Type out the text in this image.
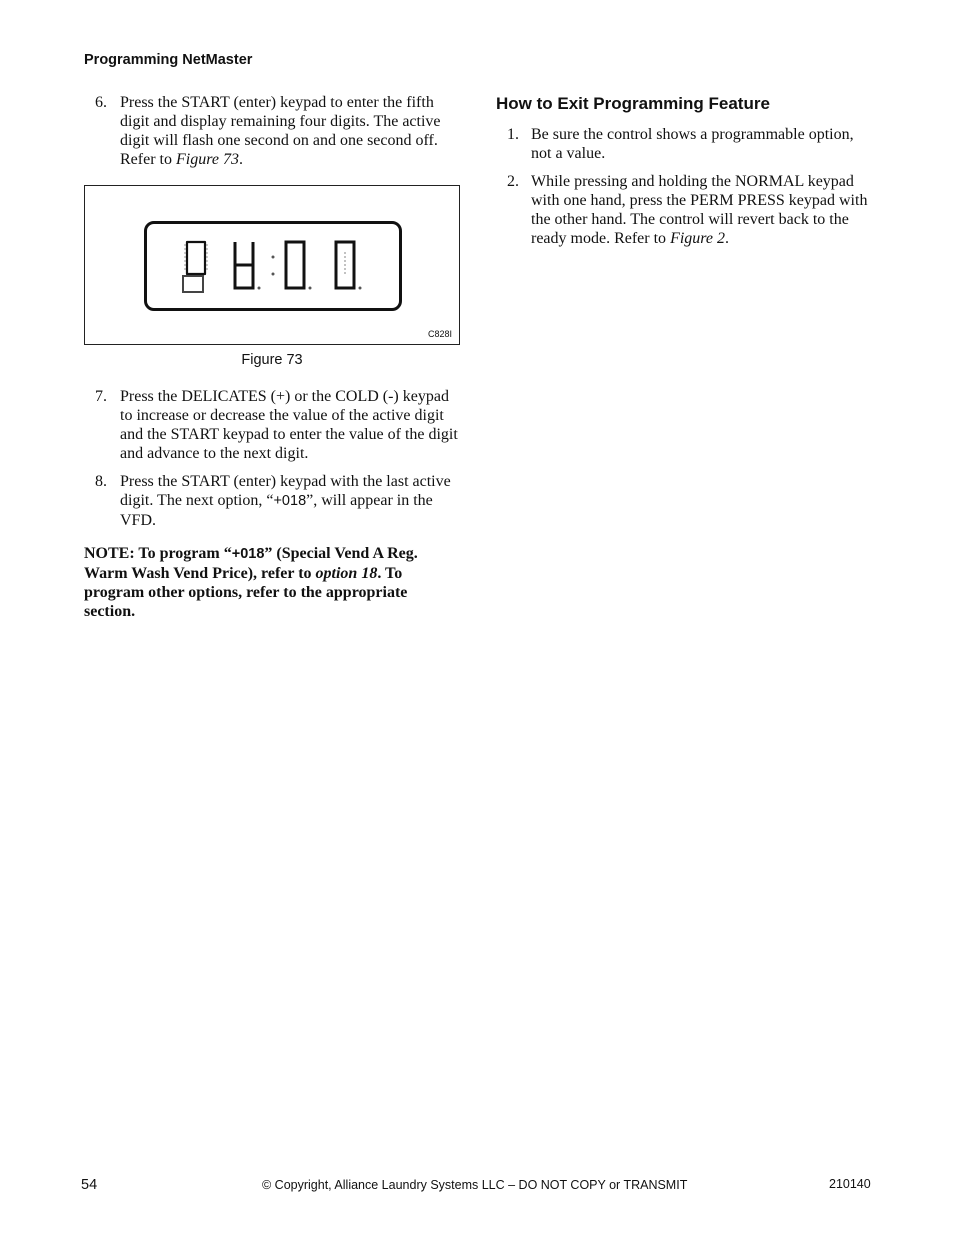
Programming NetMaster

6. Press the START (enter) keypad to enter the fifth digit and display remaining four digits. The active digit will flash one second on and one second off. Refer to Figure 73.

C828I
Figure 73

7. Press the DELICATES (+) or the COLD (-) keypad to increase or decrease the value of the active digit and the START keypad to enter the value of the digit and advance to the next digit.

8. Press the START (enter) keypad with the last active digit. The next option, “+018”, will appear in the VFD.

NOTE: To program “+018” (Special Vend A Reg. Warm Wash Vend Price), refer to option 18. To program other options, refer to the appropriate section.
How to Exit Programming Feature

1. Be sure the control shows a programmable option, not a value.

2. While pressing and holding the NORMAL keypad with one hand, press the PERM PRESS keypad with the other hand. The control will revert back to the ready mode. Refer to Figure 2.

54	© Copyright, Alliance Laundry Systems LLC – DO NOT COPY or TRANSMIT	210140
